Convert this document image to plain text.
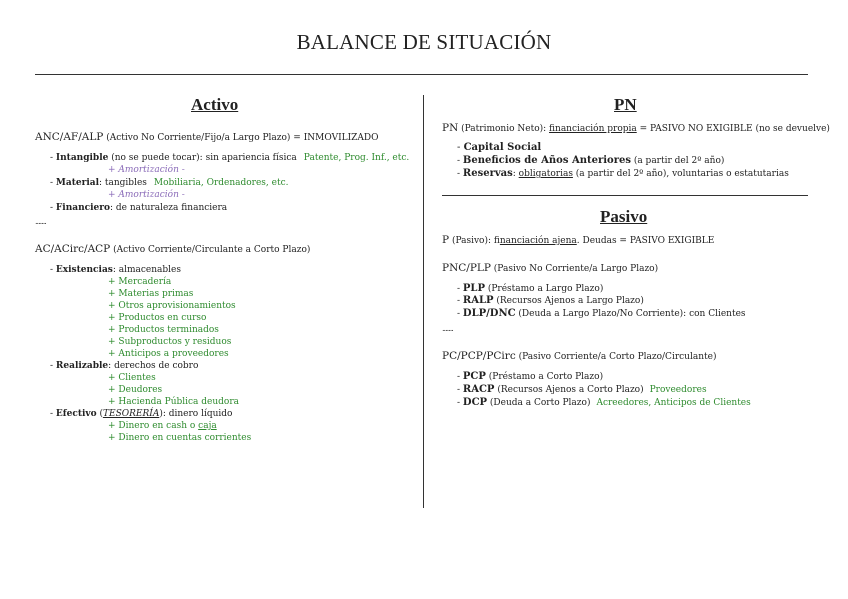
BALANCE DE SITUACIÓN
Activo
ANC/AF/ALP (Activo No Corriente/Fijo/a Largo Plazo) = INMOVILIZADO
- Intangible (no se puede tocar): sin apariencia física Patente, Prog. Inf., etc.
+ Amortización -
- Material: tangibles Mobiliaria, Ordenadores, etc.
+ Amortización -
- Financiero: de naturaleza financiera
.......
AC/ACirc/ACP (Activo Corriente/Circulante a Corto Plazo)
- Existencias: almacenables
+ Mercadería
+ Materias primas
+ Otros aprovisionamientos
+ Productos en curso
+ Productos terminados
+ Subproductos y residuos
+ Anticipos a proveedores
- Realizable: derechos de cobro
+ Clientes
+ Deudores
+ Hacienda Pública deudora
- Efectivo (TESORERÍA): dinero líquido
+ Dinero en cash o caja
+ Dinero en cuentas corrientes
PN
PN (Patrimonio Neto): financiación propia = PASIVO NO EXIGIBLE (no se devuelve)
- Capital Social
- Beneficios de Años Anteriores (a partir del 2º año)
- Reservas: obligatorias (a partir del 2º año), voluntarias o estatutarias
Pasivo
P (Pasivo): financiación ajena. Deudas = PASIVO EXIGIBLE
PNC/PLP (Pasivo No Corriente/a Largo Plazo)
- PLP (Préstamo a Largo Plazo)
- RALP (Recursos Ajenos a Largo Plazo)
- DLP/DNC (Deuda a Largo Plazo/No Corriente): con Clientes
.......
PC/PCP/PCirc (Pasivo Corriente/a Corto Plazo/Circulante)
- PCP (Préstamo a Corto Plazo)
- RACP (Recursos Ajenos a Corto Plazo) Proveedores
- DCP (Deuda a Corto Plazo) Acreedores, Anticipos de Clientes
